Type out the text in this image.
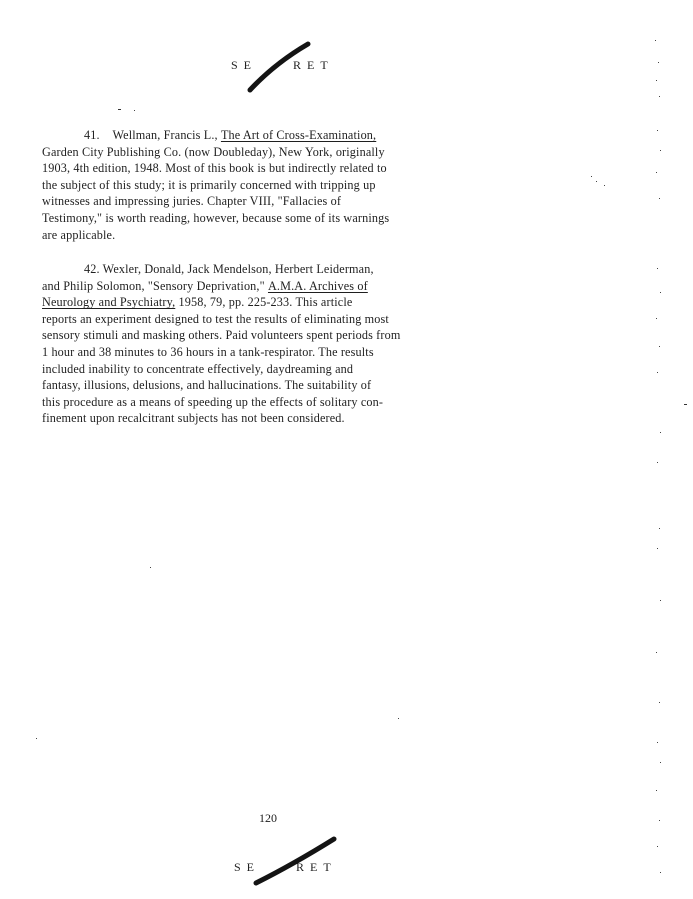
SE	RET
41. Wellman, Francis L., The Art of Cross-Examination,
Garden City Publishing Co. (now Doubleday), New York, originally
1903, 4th edition, 1948. Most of this book is but indirectly related to
the subject of this study; it is primarily concerned with tripping up
witnesses and impressing juries. Chapter VIII, "Fallacies of
Testimony," is worth reading, however, because some of its warnings
are applicable.
42. Wexler, Donald, Jack Mendelson, Herbert Leiderman,
and Philip Solomon, "Sensory Deprivation," A.M.A. Archives of
Neurology and Psychiatry, 1958, 79, pp. 225-233. This article
reports an experiment designed to test the results of eliminating most
sensory stimuli and masking others. Paid volunteers spent periods from
1 hour and 38 minutes to 36 hours in a tank-respirator. The results
included inability to concentrate effectively, daydreaming and
fantasy, illusions, delusions, and hallucinations. The suitability of
this procedure as a means of speeding up the effects of solitary con-
finement upon recalcitrant subjects has not been considered.
120
SE	RET
